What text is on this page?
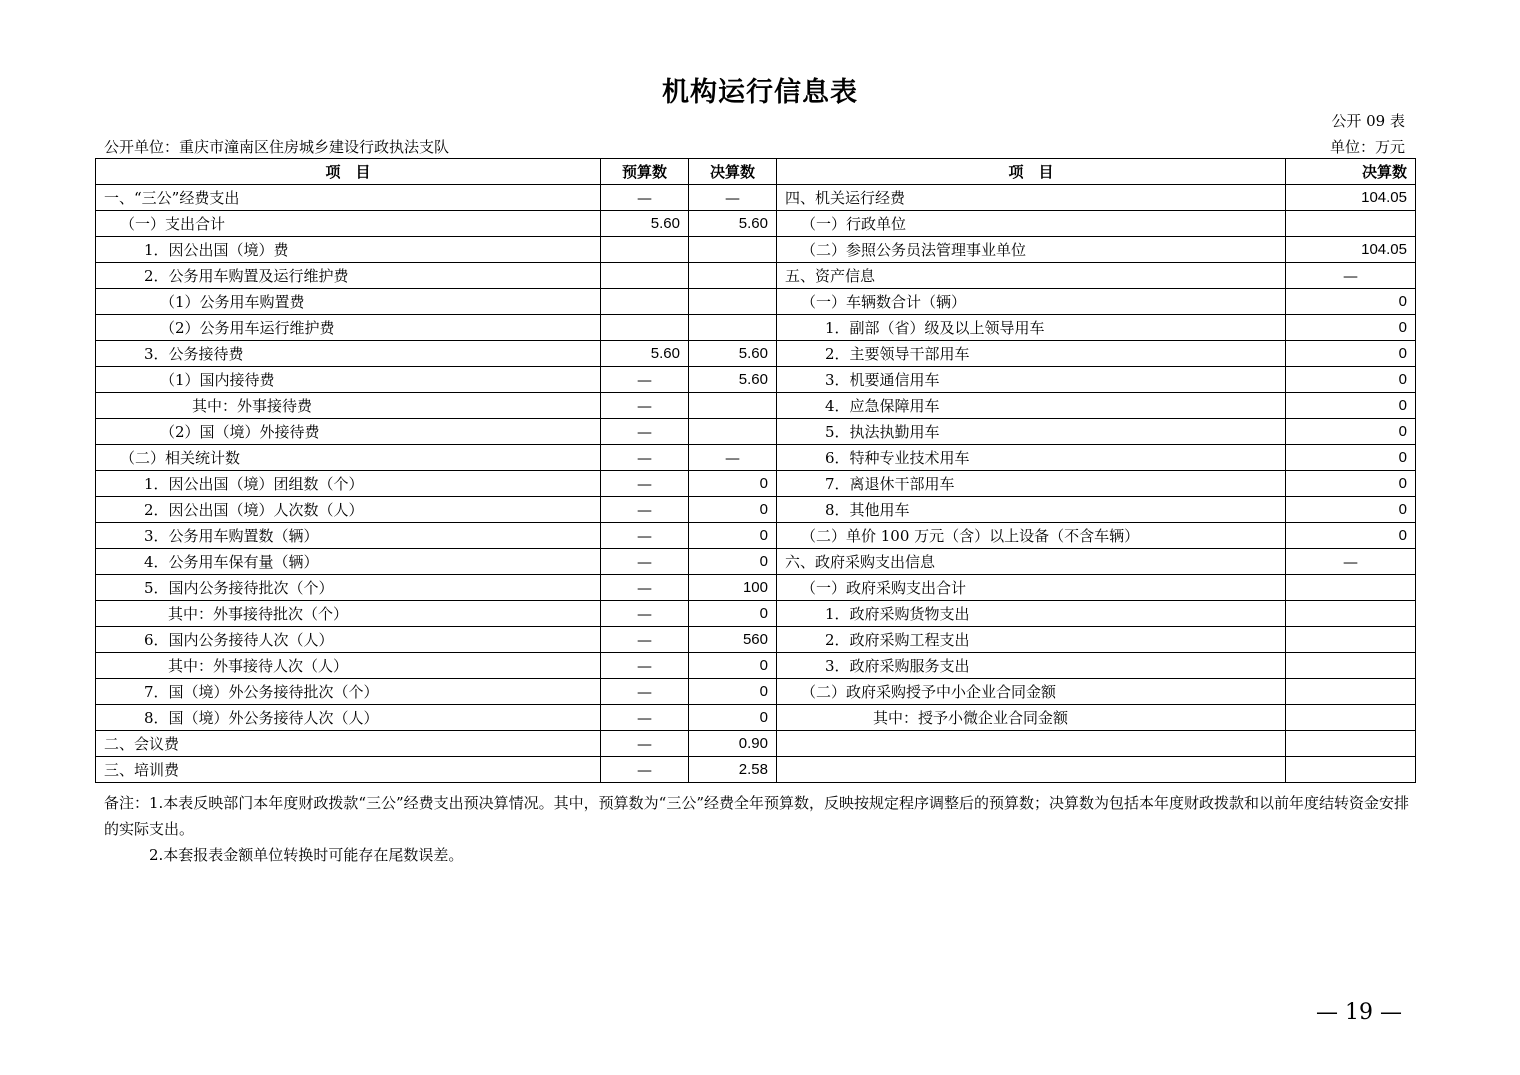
机构运行信息表
公开 09 表
公开单位：重庆市潼南区住房城乡建设行政执法支队	单位：万元
项　目	预算数	决算数	项　目	决算数
一、“三公”经费支出	—	—	四、机关运行经费	104.05
（一）支出合计	5.60	5.60	（一）行政单位	
1．因公出国（境）费			（二）参照公务员法管理事业单位	104.05
2．公务用车购置及运行维护费			五、资产信息	—
（1）公务用车购置费			（一）车辆数合计（辆）	0
（2）公务用车运行维护费			1．副部（省）级及以上领导用车	0
3．公务接待费	5.60	5.60	2．主要领导干部用车	0
（1）国内接待费	—	5.60	3．机要通信用车	0
其中：外事接待费	—		4．应急保障用车	0
（2）国（境）外接待费	—		5．执法执勤用车	0
（二）相关统计数	—	—	6．特种专业技术用车	0
1．因公出国（境）团组数（个）	—	0	7．离退休干部用车	0
2．因公出国（境）人次数（人）	—	0	8．其他用车	0
3．公务用车购置数（辆）	—	0	（二）单价 100 万元（含）以上设备（不含车辆）	0
4．公务用车保有量（辆）	—	0	六、政府采购支出信息	—
5．国内公务接待批次（个）	—	100	（一）政府采购支出合计	
其中：外事接待批次（个）	—	0	1．政府采购货物支出	
6．国内公务接待人次（人）	—	560	2．政府采购工程支出	
其中：外事接待人次（人）	—	0	3．政府采购服务支出	
7．国（境）外公务接待批次（个）	—	0	（二）政府采购授予中小企业合同金额	
8．国（境）外公务接待人次（人）	—	0	其中：授予小微企业合同金额	
二、会议费	—	0.90		
三、培训费	—	2.58		
备注：1.本表反映部门本年度财政拨款“三公”经费支出预决算情况。其中，预算数为“三公”经费全年预算数，反映按规定程序调整后的预算数；决算数为包括本年度财政拨款和以前年度结转资金安排的实际支出。
2.本套报表金额单位转换时可能存在尾数误差。
— 19 —
